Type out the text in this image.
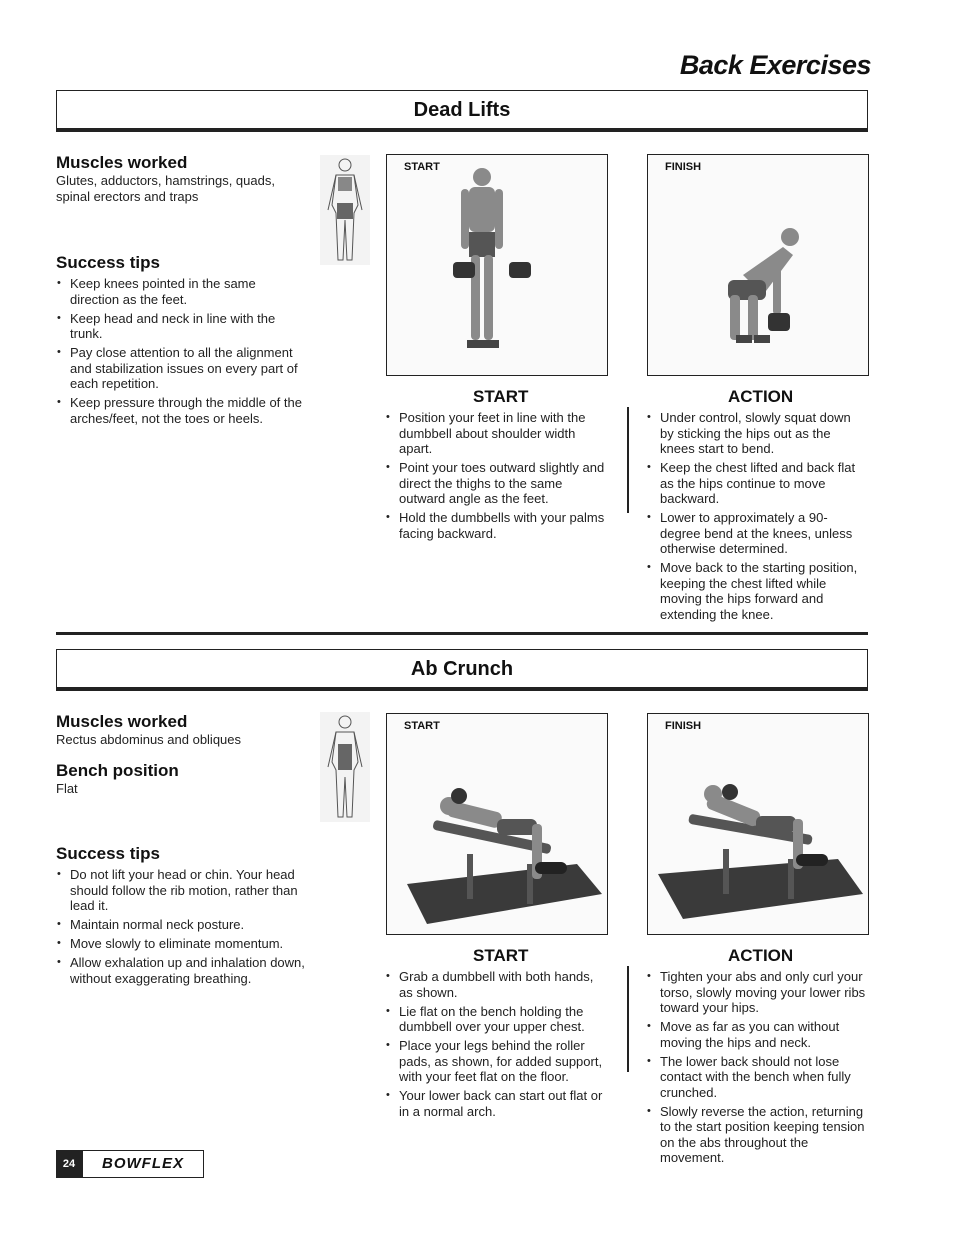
Back Exercises
Dead Lifts
Muscles worked
Glutes, adductors, hamstrings, quads, spinal erectors and traps
Success tips
• Keep knees pointed in the same direction as the feet.
• Keep head and neck in line with the trunk.
• Pay close attention to all the alignment and stabilization issues on every part of each repetition.
• Keep pressure through the middle of the arches/feet, not the toes or heels.
START	FINISH
START
• Position your feet in line with the dumbbell about shoulder width apart.
• Point your toes outward slightly and direct the thighs to the same outward angle as the feet.
• Hold the dumbbells with your palms facing backward.
ACTION
• Under control, slowly squat down by sticking the hips out as the knees start to bend.
• Keep the chest lifted and back flat as the hips continue to move backward.
• Lower to approximately a 90-degree bend at the knees, unless otherwise determined.
• Move back to the starting position, keeping the chest lifted while moving the hips forward and extending the knee.
Ab Crunch
Muscles worked
Rectus abdominus and obliques
Bench position
Flat
Success tips
• Do not lift your head or chin. Your head should follow the rib motion, rather than lead it.
• Maintain normal neck posture.
• Move slowly to eliminate momentum.
• Allow exhalation up and inhalation down, without exaggerating breathing.
START	FINISH
START
• Grab a dumbbell with both hands, as shown.
• Lie flat on the bench holding the dumbbell over your upper chest.
• Place your legs behind the roller pads, as shown, for added support, with your feet flat on the floor.
• Your lower back can start out flat or in a normal arch.
ACTION
• Tighten your abs and only curl your torso, slowly moving your lower ribs toward your hips.
• Move as far as you can without moving the hips and neck.
• The lower back should not lose contact with the bench when fully crunched.
• Slowly reverse the action, returning to the start position keeping tension on the abs throughout the movement.
24	BOWFLEX
